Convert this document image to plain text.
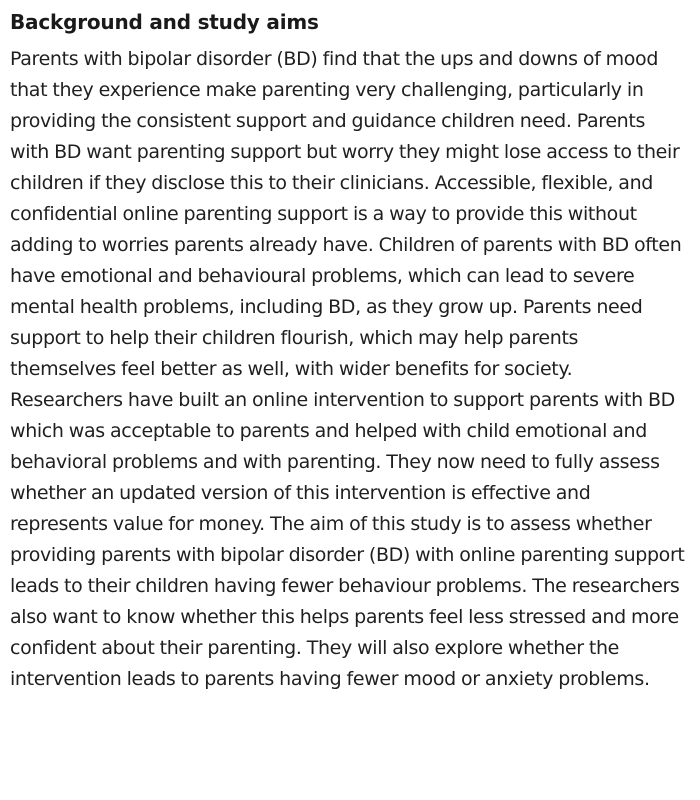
Background and study aims

Parents with bipolar disorder (BD) find that the ups and downs of mood that they experience make parenting very challenging, particularly in providing the consistent support and guidance children need. Parents with BD want parenting support but worry they might lose access to their children if they disclose this to their clinicians. Accessible, flexible, and confidential online parenting support is a way to provide this without adding to worries parents already have. Children of parents with BD often have emotional and behavioural problems, which can lead to severe mental health problems, including BD, as they grow up. Parents need support to help their children flourish, which may help parents themselves feel better as well, with wider benefits for society. Researchers have built an online intervention to support parents with BD which was acceptable to parents and helped with child emotional and behavioral problems and with parenting. They now need to fully assess whether an updated version of this intervention is effective and represents value for money. The aim of this study is to assess whether providing parents with bipolar disorder (BD) with online parenting support leads to their children having fewer behaviour problems. The researchers also want to know whether this helps parents feel less stressed and more confident about their parenting. They will also explore whether the intervention leads to parents having fewer mood or anxiety problems.
